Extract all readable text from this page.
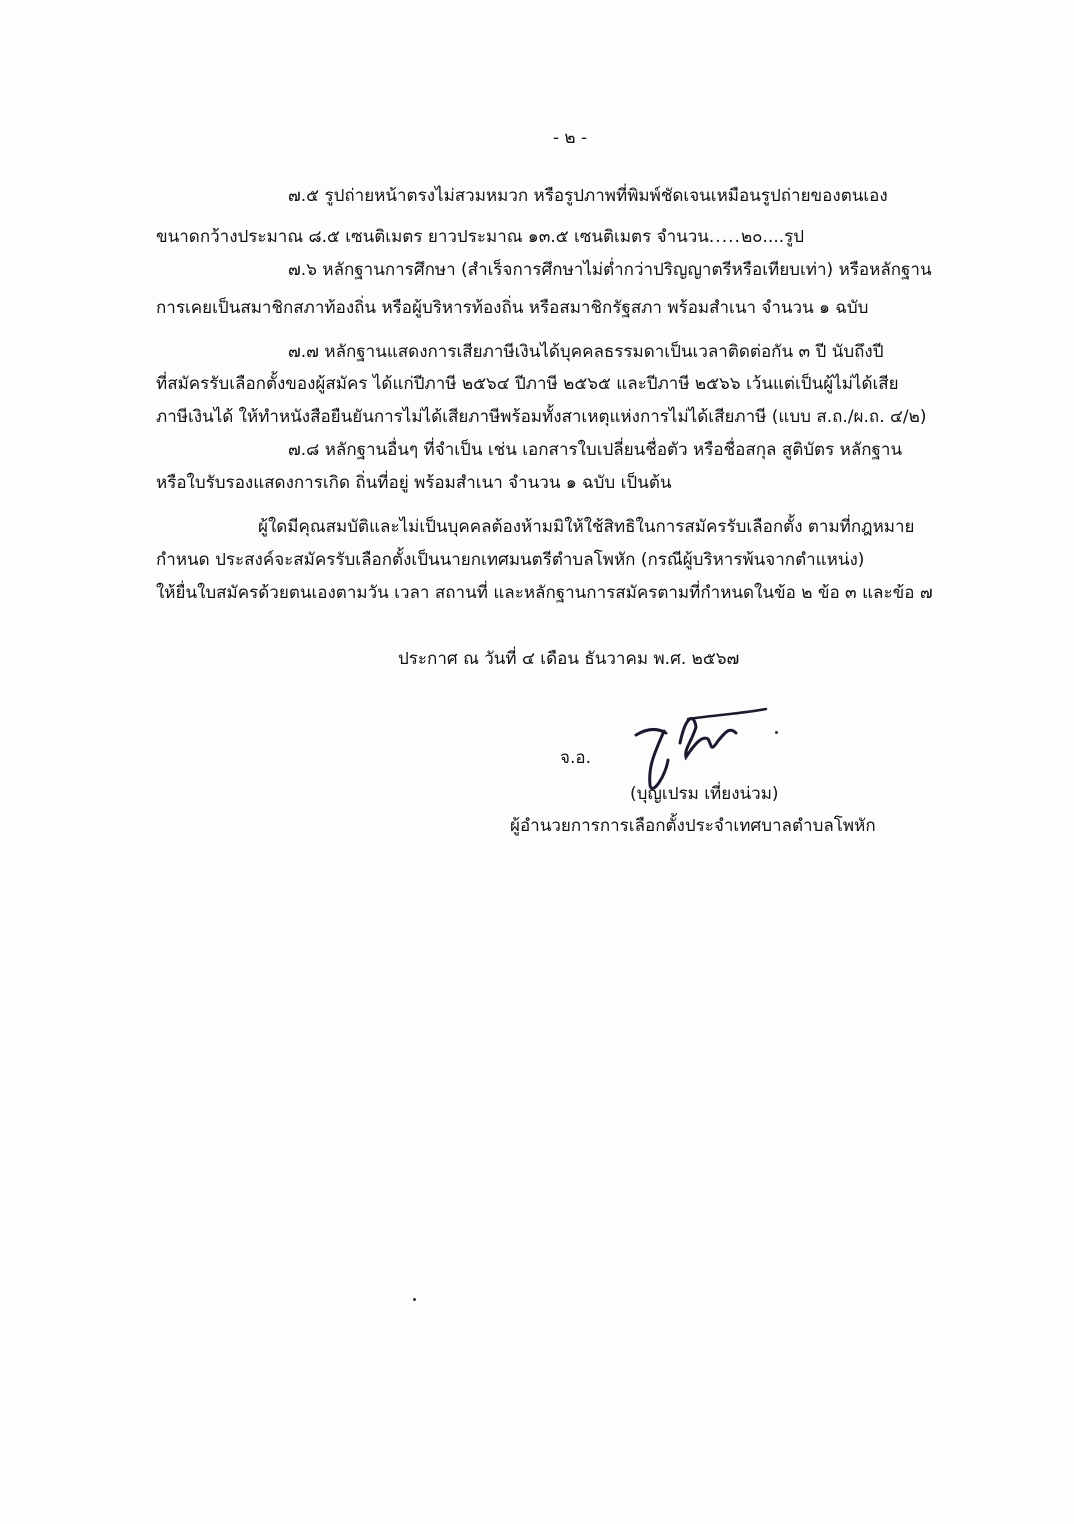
- ๒ -
๗.๕ รูปถ่ายหน้าตรงไม่สวมหมวก หรือรูปภาพที่พิมพ์ชัดเจนเหมือนรูปถ่ายของตนเอง
ขนาดกว้างประมาณ ๘.๕ เซนติเมตร ยาวประมาณ ๑๓.๕ เซนติเมตร จำนวน.....๒๐....รูป
๗.๖ หลักฐานการศึกษา (สำเร็จการศึกษาไม่ต่ำกว่าปริญญาตรีหรือเทียบเท่า) หรือหลักฐาน
การเคยเป็นสมาชิกสภาท้องถิ่น หรือผู้บริหารท้องถิ่น หรือสมาชิกรัฐสภา พร้อมสำเนา จำนวน ๑ ฉบับ
๗.๗ หลักฐานแสดงการเสียภาษีเงินได้บุคคลธรรมดาเป็นเวลาติดต่อกัน ๓ ปี นับถึงปี
ที่สมัครรับเลือกตั้งของผู้สมัคร ได้แก่ปีภาษี ๒๕๖๔ ปีภาษี ๒๕๖๕ และปีภาษี ๒๕๖๖ เว้นแต่เป็นผู้ไม่ได้เสีย
ภาษีเงินได้ ให้ทำหนังสือยืนยันการไม่ได้เสียภาษีพร้อมทั้งสาเหตุแห่งการไม่ได้เสียภาษี (แบบ ส.ถ./ผ.ถ. ๔/๒)
๗.๘ หลักฐานอื่นๆ ที่จำเป็น เช่น เอกสารใบเปลี่ยนชื่อตัว หรือชื่อสกุล สูติบัตร หลักฐาน
หรือใบรับรองแสดงการเกิด ถิ่นที่อยู่ พร้อมสำเนา จำนวน ๑ ฉบับ เป็นต้น
ผู้ใดมีคุณสมบัติและไม่เป็นบุคคลต้องห้ามมิให้ใช้สิทธิในการสมัครรับเลือกตั้ง ตามที่กฎหมาย
กำหนด ประสงค์จะสมัครรับเลือกตั้งเป็นนายกเทศมนตรีตำบลโพหัก (กรณีผู้บริหารพ้นจากตำแหน่ง)
ให้ยื่นใบสมัครด้วยตนเองตามวัน เวลา สถานที่ และหลักฐานการสมัครตามที่กำหนดในข้อ ๒ ข้อ ๓ และข้อ ๗
ประกาศ ณ วันที่ ๔ เดือน ธันวาคม พ.ศ. ๒๕๖๗
จ.อ.
(บุญเปรม เที่ยงน่วม)
ผู้อำนวยการการเลือกตั้งประจำเทศบาลตำบลโพหัก
